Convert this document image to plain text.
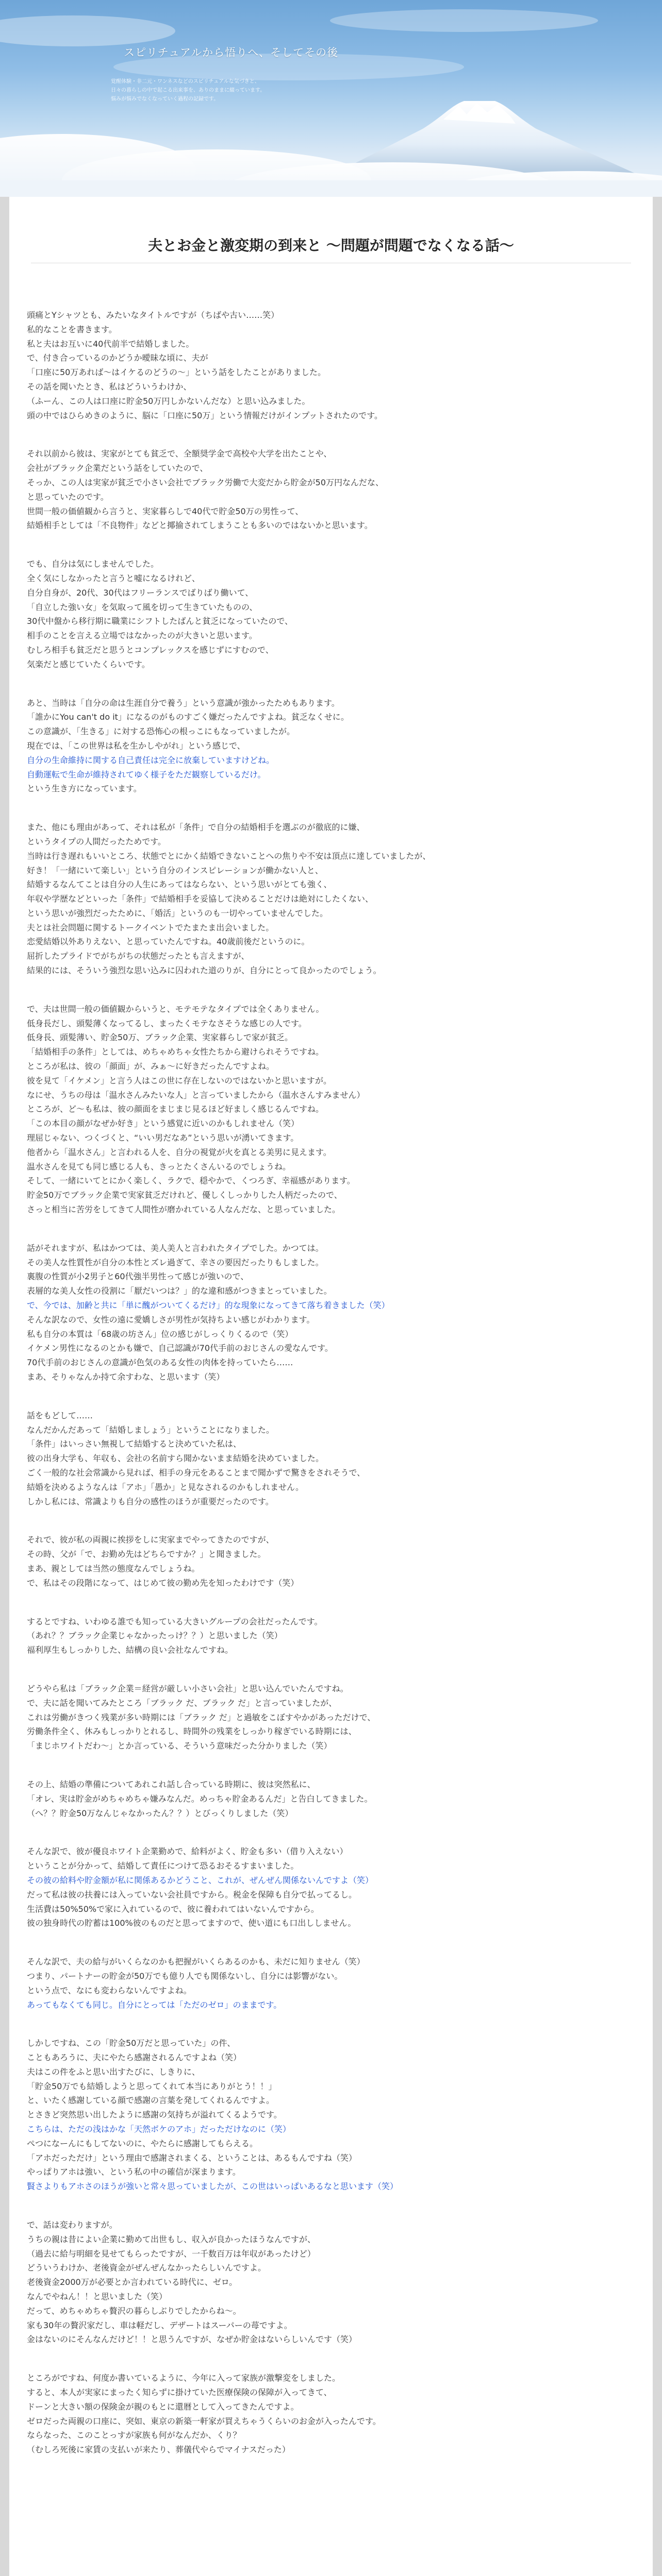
スピリチュアルから悟りへ、そしてその後
覚醒体験・非二元・ワンネスなどのスピリチュアルな気づきと、
日々の暮らしの中で起こる出来事を、ありのままに綴っています。
悩みが悩みでなくなっていく過程の記録です。
夫とお金と激変期の到来と ～問題が問題でなくなる話～
頭痛とYシャツとも、みたいなタイトルですが（ちばや古い……笑）
私的なことを書きます。
私と夫はお互いに40代前半で結婚しました。
で、付き合っているのかどうか曖昧な頃に、夫が
「口座に50万あれば～はイケるのどうの～」という話をしたことがありました。
その話を聞いたとき、私はどういうわけか、
（ふーん、この人は口座に貯金50万円しかないんだな）と思い込みました。
頭の中ではひらめきのように、脳に「口座に50万」という情報だけがインプットされたのです。
それ以前から彼は、実家がとても貧乏で、全額奨学金で高校や大学を出たことや、
会社がブラック企業だという話をしていたので、
そっか、この人は実家が貧乏で小さい会社でブラック労働で大変だから貯金が50万円なんだな、
と思っていたのです。
世間一般の価値観から言うと、実家暮らしで40代で貯金50万の男性って、
結婚相手としては「不良物件」などと揶揄されてしまうことも多いのではないかと思います。
でも、自分は気にしませんでした。
全く気にしなかったと言うと嘘になるけれど、
自分自身が、20代、30代はフリーランスでばりばり働いて、
「自立した強い女」を気取って風を切って生きていたものの、
30代中盤から移行期に職業にシフトしたばんと貧乏になっていたので、
相手のことを言える立場ではなかったのが大きいと思います。
むしろ相手も貧乏だと思うとコンプレックスを感じずにすむので、
気楽だと感じていたくらいです。
あと、当時は「自分の命は生涯自分で養う」という意識が強かったためもあります。
「誰かにYou can't do it」になるのがものすごく嫌だったんですよね。貧乏なくせに。
この意識が、「生きる」に対する恐怖心の根っこにもなっていましたが。
現在では、「この世界は私を生かしやがれ」という感じで、
自分の生命維持に関する自己責任は完全に放棄していますけどね。
自動運転で生命が維持されてゆく様子をただ観察しているだけ。
という生き方になっています。
また、他にも理由があって、それは私が「条件」で自分の結婚相手を選ぶのが徹底的に嫌、
というタイプの人間だったためです。
当時は行き遅れもいいところ、状態でとにかく結婚できないことへの焦りや不安は頂点に達していましたが、
好き！「一緒にいて楽しい」という自分のインスピレーションが働かない人と、
結婚するなんてことは自分の人生にあってはならない、という思いがとても強く、
年収や学歴などといった「条件」で結婚相手を妥協して決めることだけは絶対にしたくない、
という思いが強烈だったために、「婚活」というのも一切やっていませんでした。
夫とは社会問題に関するトークイベントでたまたま出会いました。
恋愛結婚以外ありえない、と思っていたんですね。40歳前後だというのに。
屈折したプライドでがちがちの状態だったとも言えますが、
結果的には、そういう強烈な思い込みに囚われた道のりが、自分にとって良かったのでしょう。
で、夫は世間一般の価値観からいうと、モテモテなタイプでは全くありません。
低身長だし、頭髪薄くなってるし、まったくモテなさそうな感じの人です。
低身長、頭髪薄い、貯金50万、ブラック企業、実家暮らしで家が貧乏。
「結婚相手の条件」としては、めちゃめちゃ女性たちから避けられそうですね。
ところが私は、彼の「顔面」が、みぁ～に好きだったんですよね。
彼を見て「イケメン」と言う人はこの世に存在しないのではないかと思いますが。
なにせ、うちの母は「温水さんみたいな人」と言っていましたから（温水さんすみません）
ところが、ど～も私は、彼の顔面をまじまじ見るほど好ましく感じるんですね。
「この本目の顔がなぜか好き」という感覚に近いのかもしれません（笑）
理屈じゃない、つくづくと、“いい男だなあ”という思いが湧いてきます。
他者から「温水さん」と言われる人を、自分の視覚が火を真とる美男に見えます。
温水さんを見ても同じ感じる人も、きっとたくさんいるのでしょうね。
そして、一緒にいてとにかく楽しく、ラクで、穏やかで、くつろぎ、幸福感があります。
貯金50万でブラック企業で実家貧乏だけれど、優しくしっかりした人柄だったので、
さっと相当に苦労をしてきて人間性が磨かれている人なんだな、と思っていました。
話がそれますが、私はかつては、美人美人と言われたタイプでした。かつては。
その美人な性質性が自分の本性とズレ過ぎて、幸さの要因だったりもしました。
裏腹の性質が小2男子と60代強半男性って感じが強いので、
表層的な美人女性の役割に「厭だいつは？」的な違和感がつきまとっていました。
で、今では、加齢と共に「単に醜がついてくるだけ」的な現象になってきて落ち着きました（笑）
そんな訳なので、女性の遠に愛嬌しさが男性が気持ちよい感じがわかります。
私も自分の本質は「68歳の坊さん」位の感じがしっくりくるので（笑）
イケメン男性になるのとかも嫌で、自己認識が70代手前のおじさんの愛なんです。
70代手前のおじさんの意識が色気のある女性の肉体を持っていたら……
まあ、そりゃなんか持て余すわな、と思います（笑）
話をもどして……
なんだかんだあって「結婚しましょう」ということになりました。
「条件」はいっさい無視して結婚すると決めていた私は、
彼の出身大学も、年収も、会社の名前すら聞かないまま結婚を決めていました。
ごく一般的な社会常識から見れば、相手の身元をあることまで聞かずで驚きをされそうで、
結婚を決めるようなんは「アホ」「愚か」と見なされるのかもしれません。
しかし私には、常識よりも自分の感性のほうが重要だったのです。
それで、彼が私の両親に挨拶をしに実家までやってきたのですが、
その時、父が「で、お勤め先はどちらですか？」と聞きました。
まあ、親としては当然の態度なんでしょうね。
で、私はその段階になって、はじめて彼の勤め先を知ったわけです（笑）
するとですね、いわゆる誰でも知っている大きいグループの会社だったんです。
（あれ？？ブラック企業じゃなかったっけ？？）と思いました（笑）
福利厚生もしっかりした、結構の良い会社なんですね。
どうやら私は「ブラック企業＝経営が厳しい小さい会社」と思い込んでいたんですね。
で、夫に話を聞いてみたところ「ブラック だ、ブラック だ」と言っていましたが、
これは労働がきつく残業が多い時期には「ブラック だ」と過敏をこぼすやかがあっただけで、
労働条件全く、休みもしっかりとれるし、時間外の残業をしっかり稼ぎでいる時期には、
「まじホワイトだわ～」とか言っている、そういう意味だった分かりました（笑）
その上、結婚の準備についてあれこれ話し合っている時期に、彼は突然私に、
「オレ、実は貯金がめちゃめちゃ嫌みなんだ。めっちゃ貯金あるんだ」と告白してきました。
（へ？？貯金50万なんじゃなかったん？？）とびっくりしました（笑）
そんな訳で、彼が優良ホワイト企業勤めで、給料がよく、貯金も多い（借り入えない）
ということが分かって、結婚して責任につけて恐るおそるすまいました。
その彼の給料や貯金額が私に関係あるかどうこと、これが、ぜんぜん関係ないんですよ（笑）
だって私は彼の扶養には入っていない会社員ですから。税金を保障も自分で払ってるし。
生活費は50%50%で家に入れているので、彼に養われてはいないんですから。
彼の独身時代の貯蓄は100%彼のものだと思ってますので、使い道にも口出ししません。
そんな訳で、夫の給与がいくらなのかも把握がいくらあるのかも、未だに知りません（笑）
つまり、パートナーの貯金が50万でも億り人でも関係ないし、自分には影響がない。
という点で、なにも変わらないんですよね。
あってもなくても同じ。自分にとっては「ただのゼロ」のままです。
しかしですね、この「貯金50万だと思っていた」の件、
こともあろうに、夫にやたら感謝されるんですよね（笑）
夫はこの件をふと思い出すたびに、しきりに、
「貯金50万でも結婚しようと思ってくれて本当にありがとう！！」
と、いたく感謝している顔で感謝の言葉を発してくれるんですよ。
とさきど突然思い出したように感謝の気持ちが溢れてくるようです。
こちらは、ただの浅はかな「天然ボケのアホ」だっただけなのに（笑）
ぺつになーんにもしてないのに、やたらに感謝してもらえる。
「アホだっただけ」という理由で感謝されまくる、ということは、あるもんですね（笑）
やっぱりアホは強い、という私の中の確信が深まります。
賢さよりもアホさのほうが強いと常々思っていましたが、この世はいっぱいあるなと思います（笑）
で、話は変わりますが。
うちの親は昔によい企業に勤めて出世もし、収入が良かったほうなんですが、
（過去に給与明細を見せてもらったですが、一千数百万は年収があったけど）
どういうわけか、老後資金がぜんぜんなかったらしいんですよ。
老後資金2000万が必要とか言われている時代に、ゼロ。
なんでやねん！！と思いました（笑）
だって、めちゃめちゃ贅沢の暮らしぶりでしたからね～。
家も30年の贅沢家だし、車は軽だし、デザートはスーパーの苺ですよ。
金はないのにそんなんだけど！！と思うんですが、なぜか貯金はないらしいんです（笑）
ところがですね、何度か書いているように、今年に入って家族が激撃変をしました。
すると、本人が実家にまったく知らずに掛けていた医療保険の保障が入ってきて、
ドーンと大きい額の保険金が親のもとに還暦として入ってきたんですよ。
ゼロだった両親の口座に、突如、東京の新築一軒家が買えちゃうくらいのお金が入ったんです。
ならなった、このことっすが家族も何がなんだか、くり？
（むしろ死後に家賃の支払いが来たり、葬儀代やらでマイナスだった）
